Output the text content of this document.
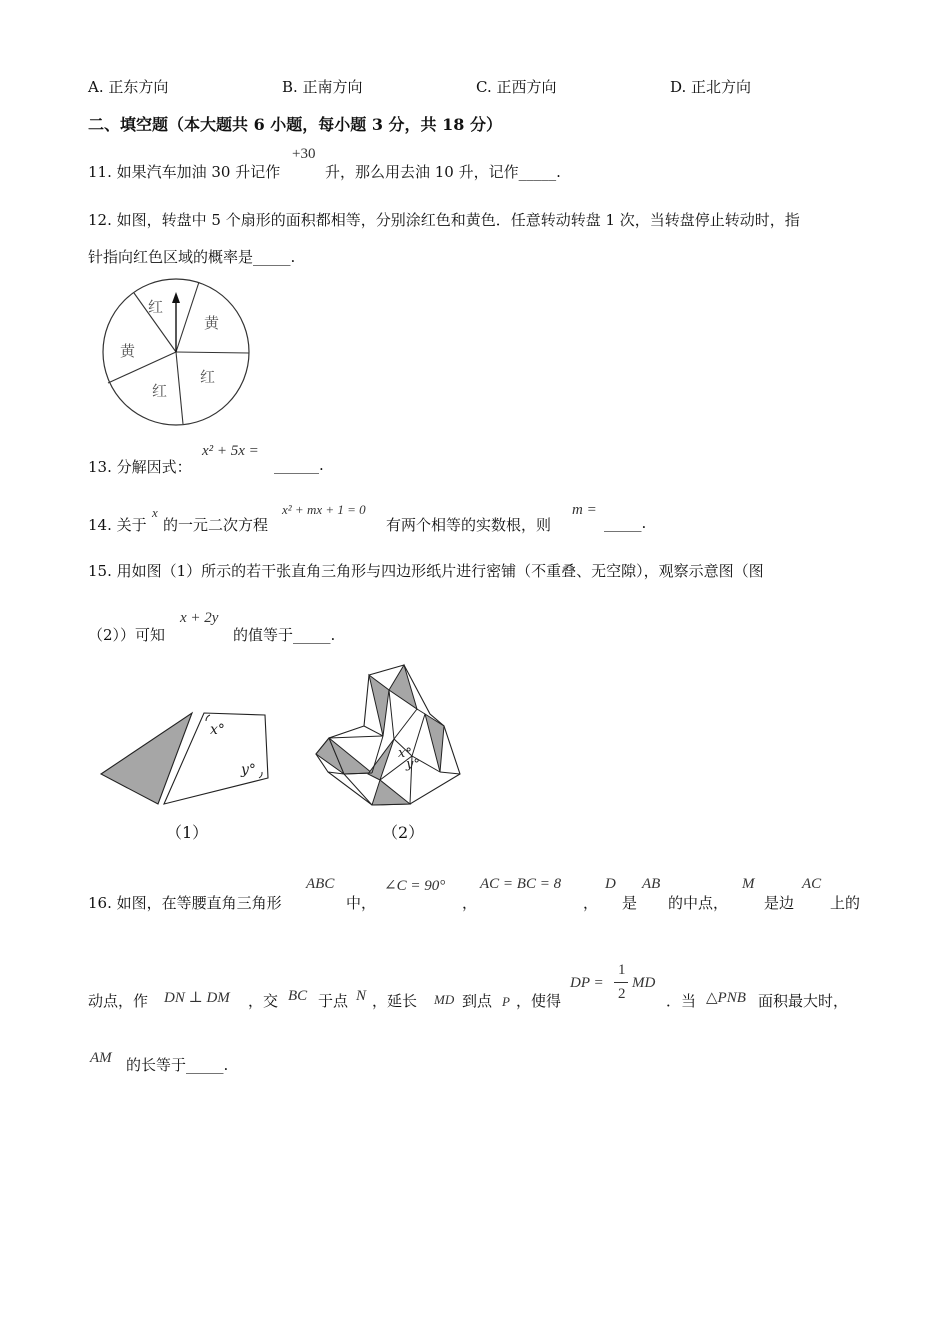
A. 正东方向	B. 正南方向	C. 正西方向	D. 正北方向
二、填空题（本大题共 6 小题，每小题 3 分，共 18 分）
11. 如果汽车加油 30 升记作
+30
升，那么用去油 10 升，记作_____.
12. 如图，转盘中 5 个扇形的面积都相等，分别涂红色和黄色．任意转动转盘 1 次，当转盘停止转动时，指
针指向红色区域的概率是_____.
红
黄
红
红
黄
13. 分解因式：
x² + 5x =
______.
14. 关于
x
的一元二次方程
x² + mx + 1 = 0
有两个相等的实数根，则
m =
_____.
15. 用如图（1）所示的若干张直角三角形与四边形纸片进行密铺（不重叠、无空隙），观察示意图（图
（2））可知
x + 2y
的值等于_____.
x°
y°
（1）
x°
y°
（2）
16. 如图，在等腰直角三角形
ABC
中，
∠C = 90°
，
AC = BC = 8
，
D
是
AB
的中点，
M
是边
AC
上的
动点，作 DN ⊥ DM ，交 BC 于点 N ，延长 MD 到点 P ，使得
DP =
1
2
MD
．当 △PNB 面积最大时，
AM 的长等于_____.
